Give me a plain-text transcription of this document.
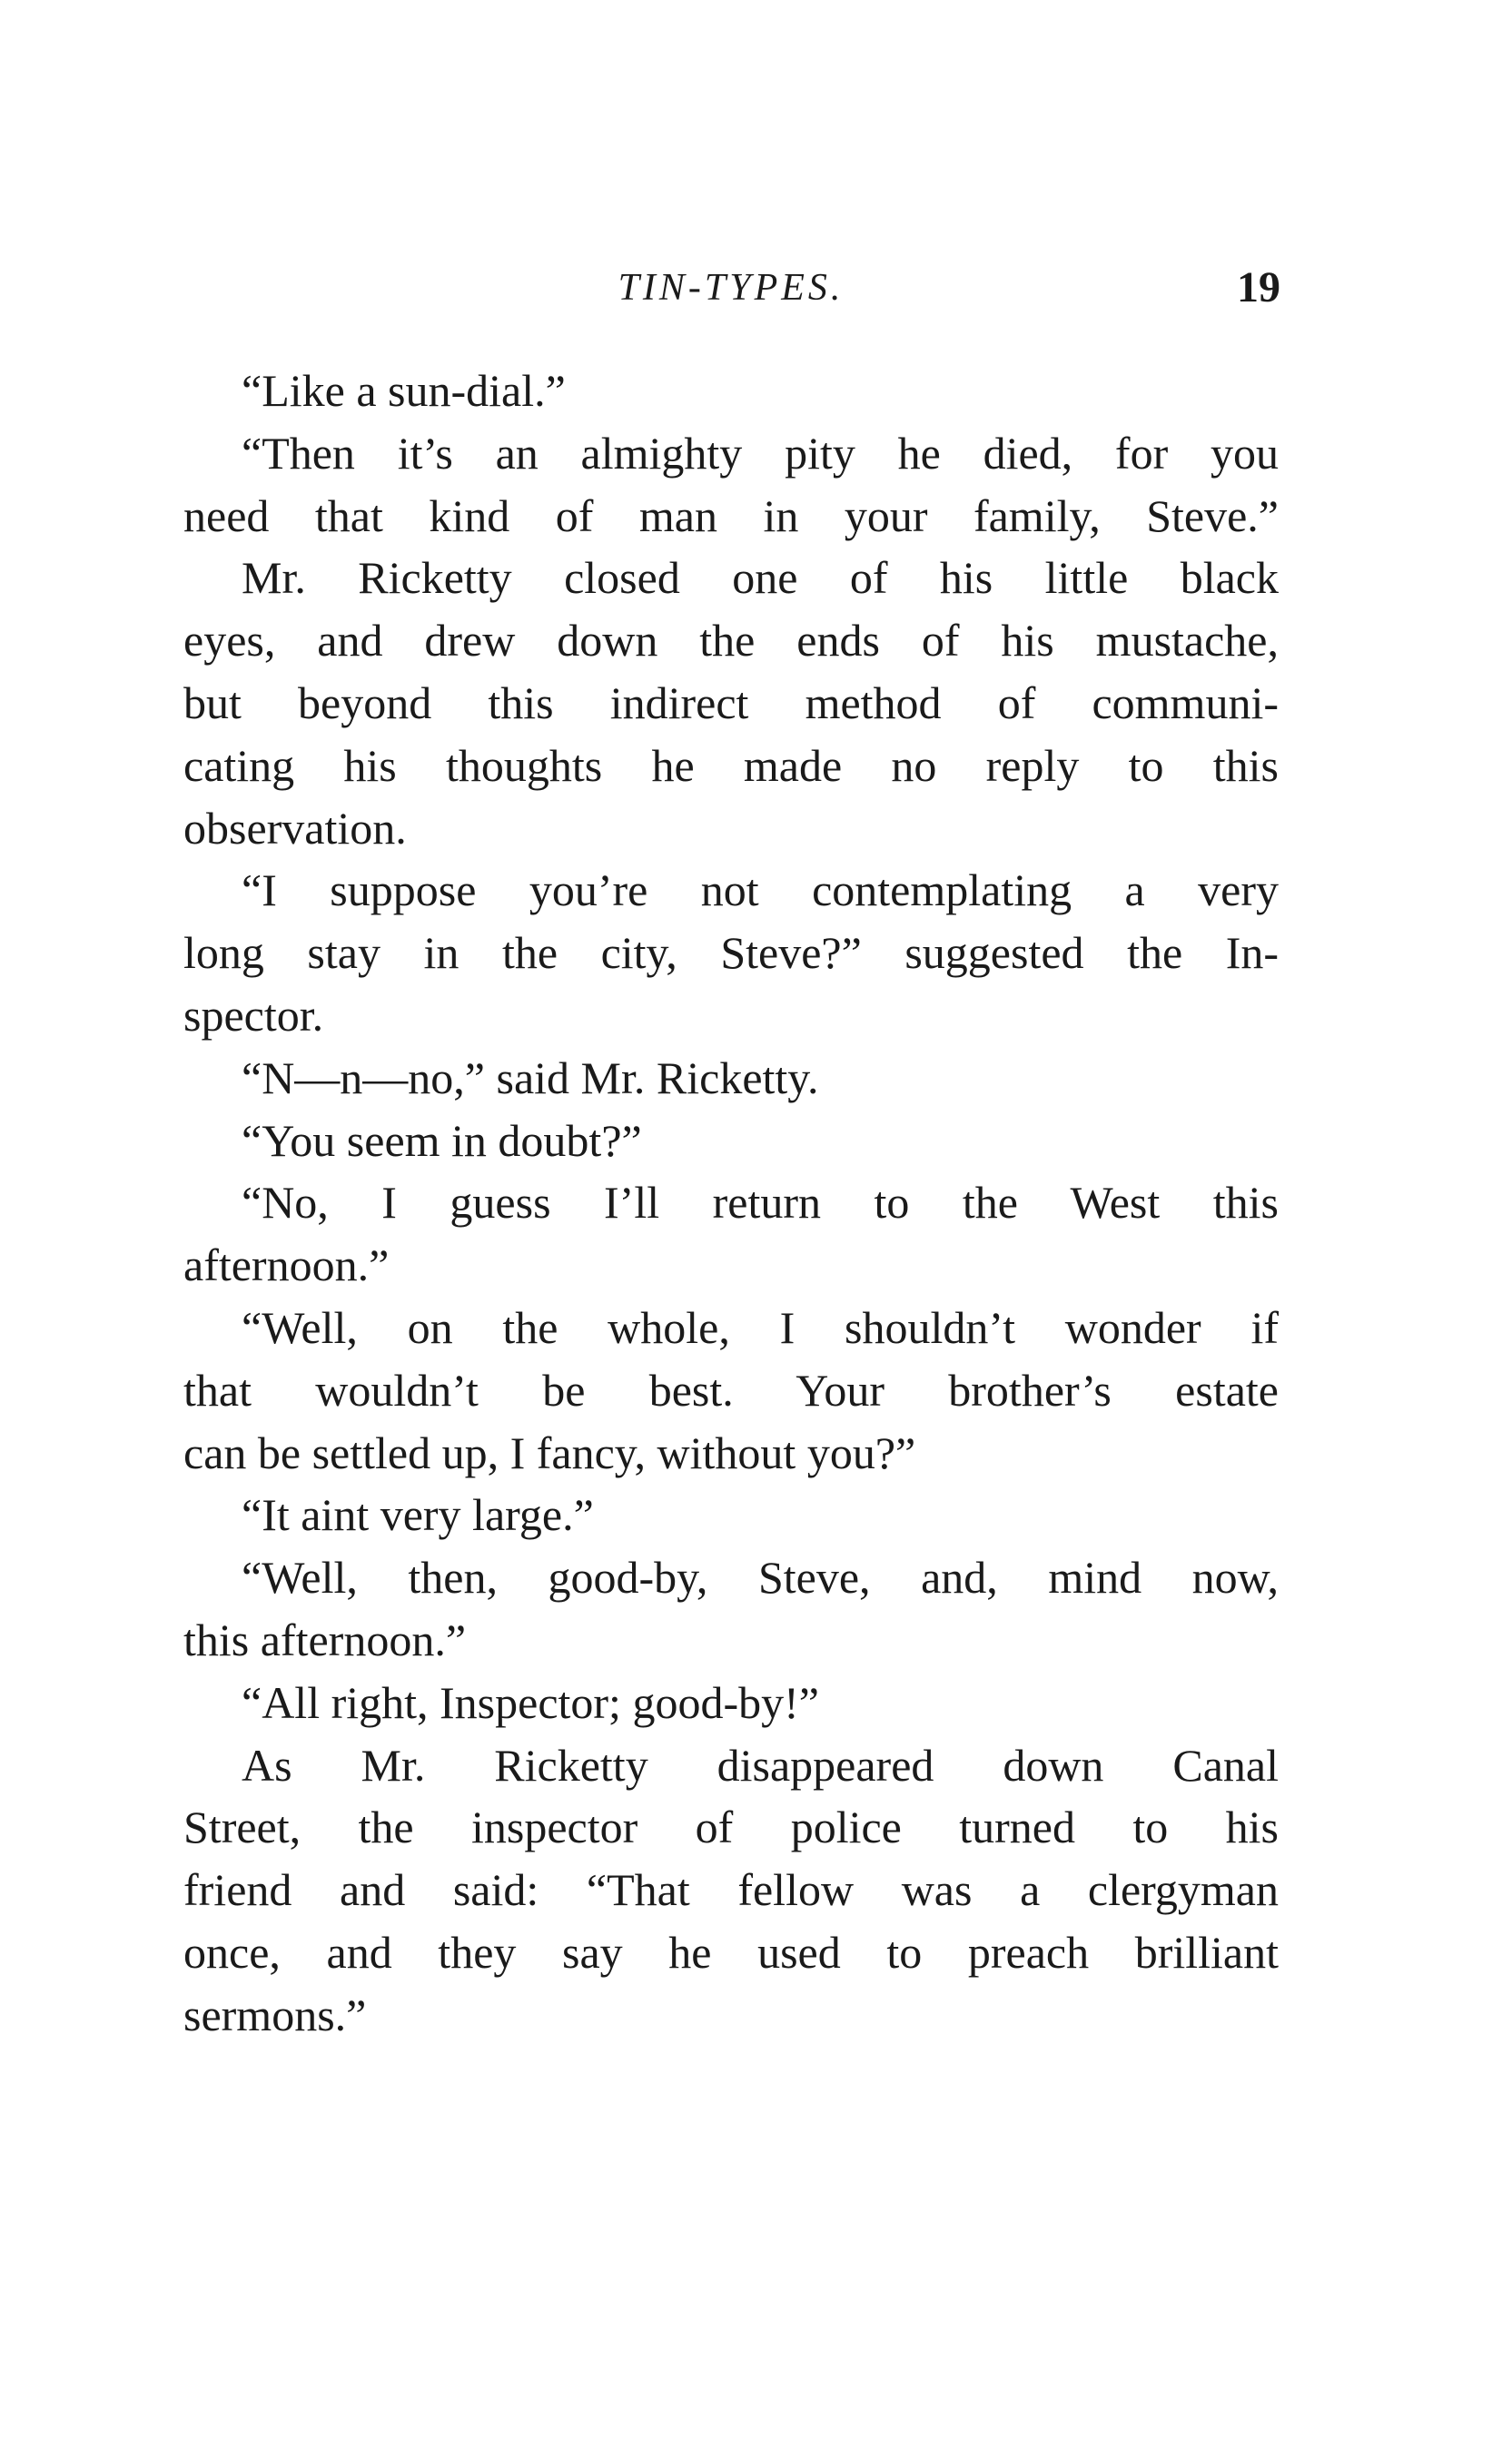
TIN-TYPES.	19
“Like a sun-dial.”
“Then it’s an almighty pity he died, for you
need that kind of man in your family, Steve.”
Mr. Ricketty closed one of his little black
eyes, and drew down the ends of his mustache,
but beyond this indirect method of communi-
cating his thoughts he made no reply to this
observation.
“I suppose you’re not contemplating a very
long stay in the city, Steve?” suggested the In-
spector.
“N—n—no,” said Mr. Ricketty.
“You seem in doubt?”
“No, I guess I’ll return to the West this
afternoon.”
“Well, on the whole, I shouldn’t wonder if
that wouldn’t be best. Your brother’s estate
can be settled up, I fancy, without you?”
“It aint very large.”
“Well, then, good-by, Steve, and, mind now,
this afternoon.”
“All right, Inspector; good-by!”
As Mr. Ricketty disappeared down Canal
Street, the inspector of police turned to his
friend and said: “That fellow was a clergyman
once, and they say he used to preach brilliant
sermons.”
